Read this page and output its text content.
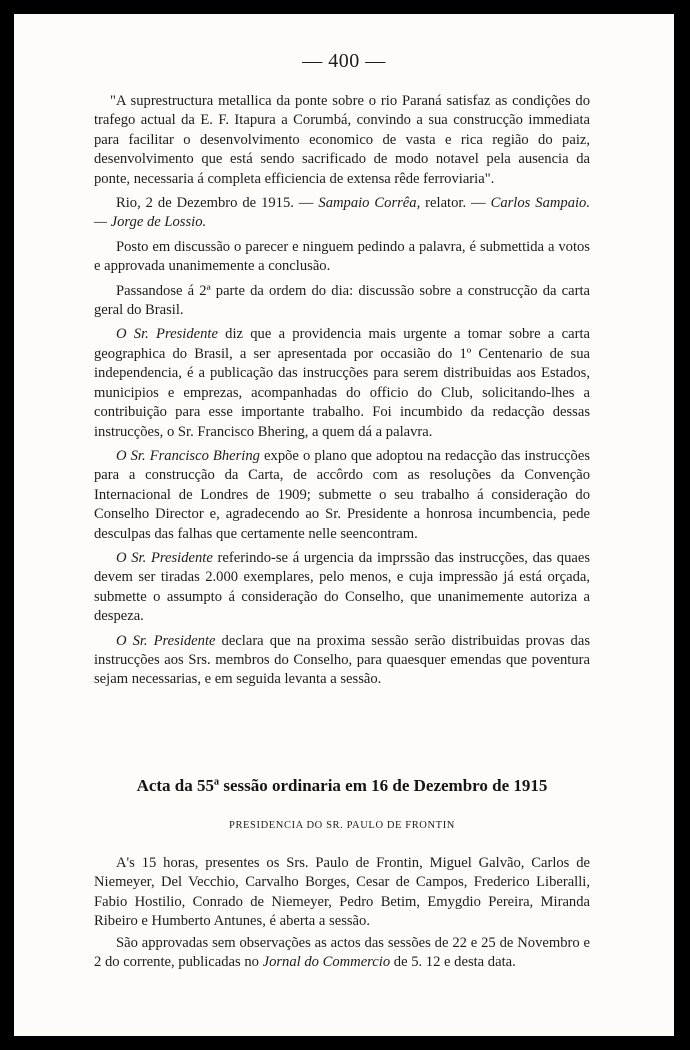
— 400 —

"A suprestructura metallica da ponte sobre o rio Paraná satisfaz as condições do trafego actual da E. F. Itapura a Corumbá, convindo a sua construcção immediata para facilitar o desenvolvimento economico de vasta e rica região do paiz, desenvolvimento que está sendo sacrificado de modo notavel pela ausencia da ponte, necessaria á completa efficiencia de extensa rêde ferroviaria".

Rio, 2 de Dezembro de 1915. — Sampaio Corrêa, relator. — Carlos Sampaio. — Jorge de Lossio.

Posto em discussão o parecer e ninguem pedindo a palavra, é submettida a votos e approvada unanimemente a conclusão.

Passandose á 2ª parte da ordem do dia: discussão sobre a construcção da carta geral do Brasil.

O Sr. Presidente diz que a providencia mais urgente a tomar sobre a carta geographica do Brasil, a ser apresentada por occasião do 1º Centenario de sua independencia, é a publicação das instrucções para serem distribuidas aos Estados, municipios e emprezas, acompanhadas do officio do Club, solicitando-lhes a contribuição para esse importante trabalho. Foi incumbido da redacção dessas instrucções, o Sr. Francisco Bhering, a quem dá a palavra.

O Sr. Francisco Bhering expõe o plano que adoptou na redacção das instrucções para a construcção da Carta, de accôrdo com as resoluções da Convenção Internacional de Londres de 1909; submette o seu trabalho á consideração do Conselho Director e, agradecendo ao Sr. Presidente a honrosa incumbencia, pede desculpas das falhas que certamente nelle seencontram.

O Sr. Presidente referindo-se á urgencia da imprssão das instrucções, das quaes devem ser tiradas 2.000 exemplares, pelo menos, e cuja impressão já está orçada, submette o assumpto á consideração do Conselho, que unanimemente autoriza a despeza.

O Sr. Presidente declara que na proxima sessão serão distribuidas provas das instrucções aos Srs. membros do Conselho, para quaesquer emendas que poventura sejam necessarias, e em seguida levanta a sessão.

Acta da 55ª sessão ordinaria em 16 de Dezembro de 1915
PRESIDENCIA DO SR. PAULO DE FRONTIN

A's 15 horas, presentes os Srs. Paulo de Frontin, Miguel Galvão, Carlos de Niemeyer, Del Vecchio, Carvalho Borges, Cesar de Campos, Frederico Liberalli, Fabio Hostilio, Conrado de Niemeyer, Pedro Betim, Emygdio Pereira, Miranda Ribeiro e Humberto Antunes, é aberta a sessão.

São approvadas sem observações as actos das sessões de 22 e 25 de Novembro e 2 do corrente, publicadas no Jornal do Commercio de 5. 12 e desta data.
